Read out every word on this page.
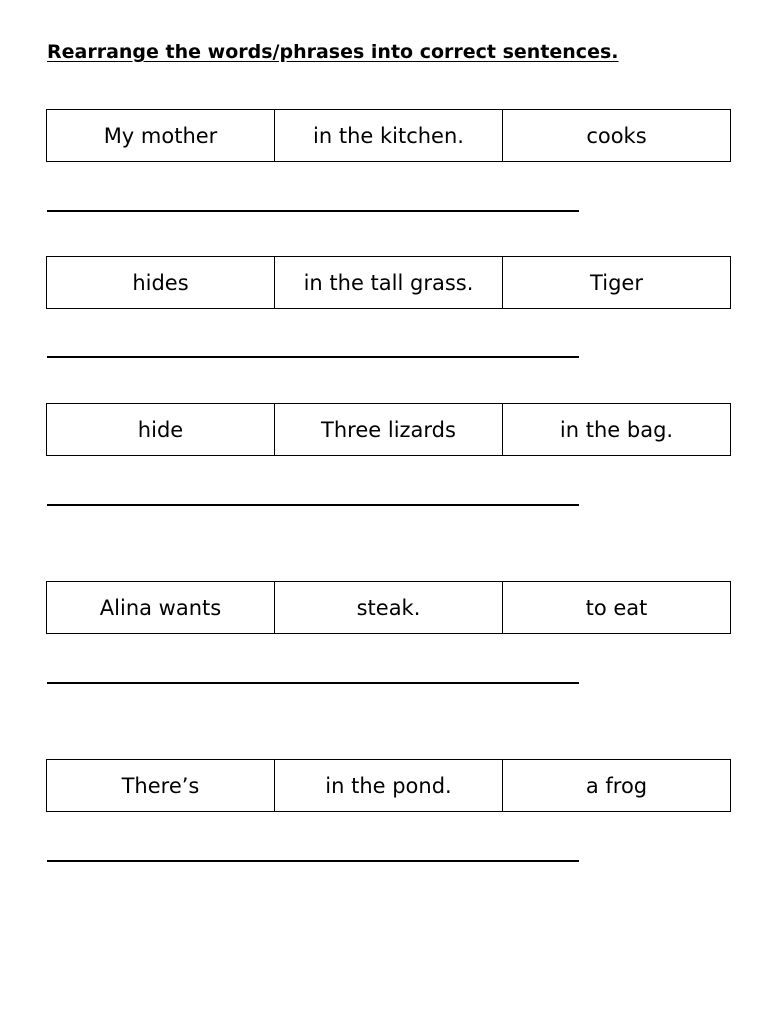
Rearrange the words/phrases into correct sentences.
My mother	in the kitchen.	cooks
hides	in the tall grass.	Tiger
hide	Three lizards	in the bag.
Alina wants	steak.	to eat
There’s	in the pond.	a frog
